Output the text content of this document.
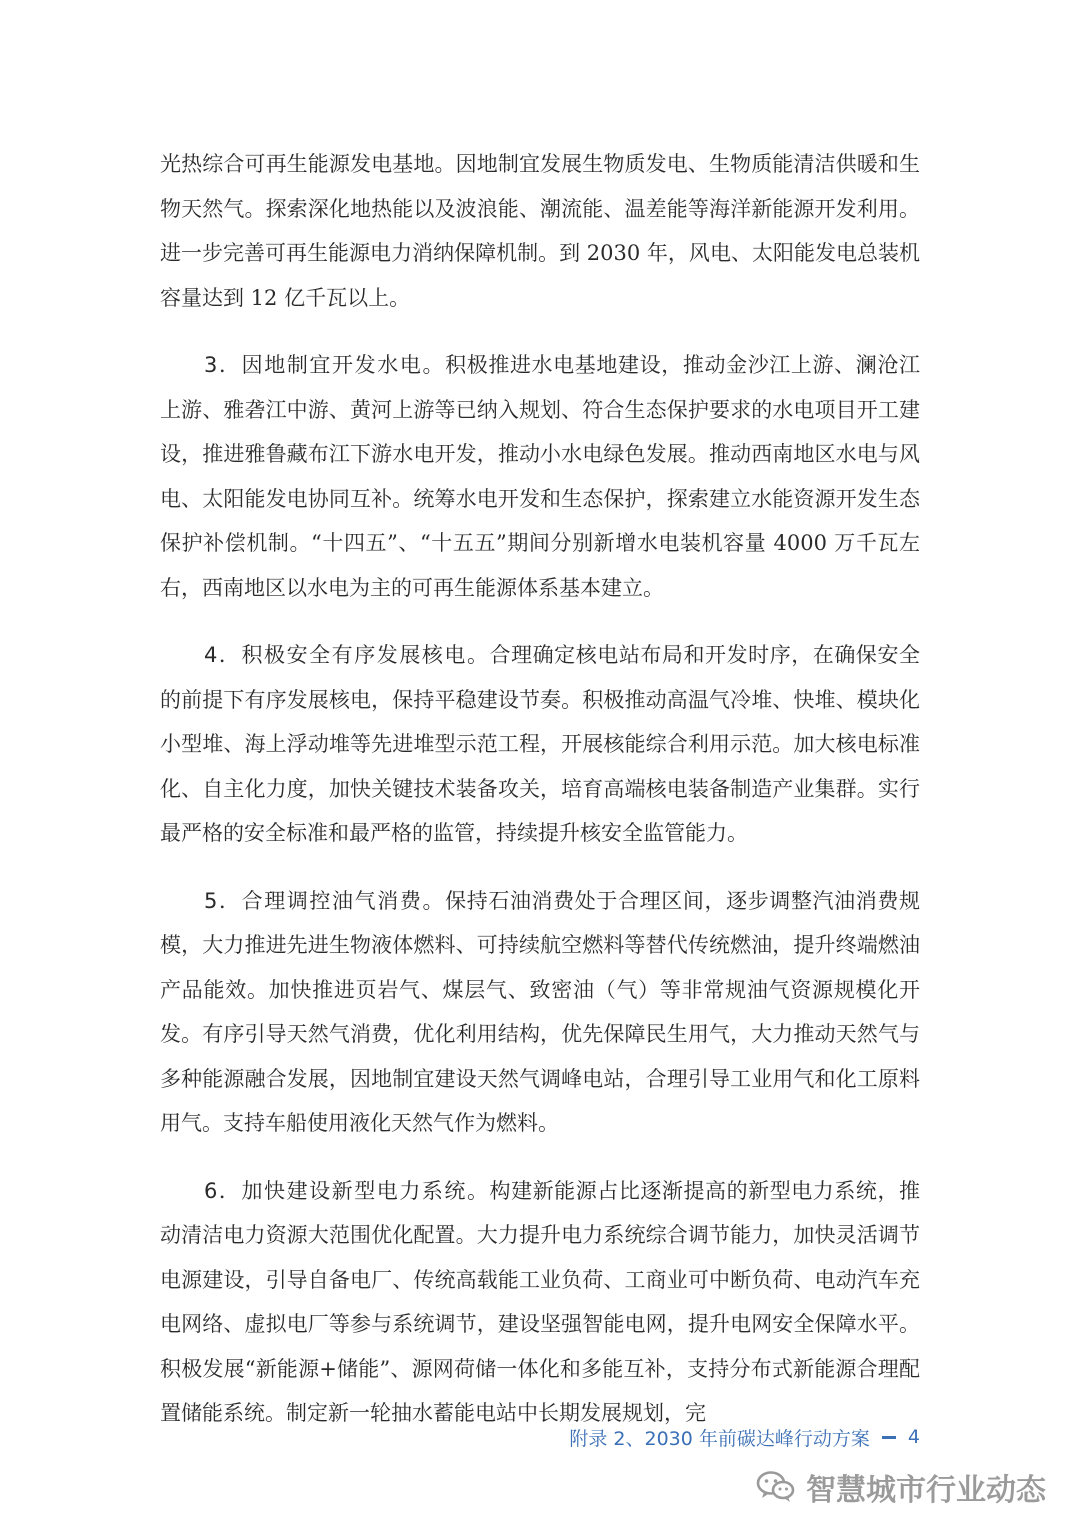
光热综合可再生能源发电基地。因地制宜发展生物质发电、生物质能清洁供暖和生物天然气。探索深化地热能以及波浪能、潮流能、温差能等海洋新能源开发利用。进一步完善可再生能源电力消纳保障机制。到 2030 年，风电、太阳能发电总装机容量达到 12 亿千瓦以上。

3．因地制宜开发水电。积极推进水电基地建设，推动金沙江上游、澜沧江上游、雅砻江中游、黄河上游等已纳入规划、符合生态保护要求的水电项目开工建设，推进雅鲁藏布江下游水电开发，推动小水电绿色发展。推动西南地区水电与风电、太阳能发电协同互补。统筹水电开发和生态保护，探索建立水能资源开发生态保护补偿机制。“十四五”、“十五五”期间分别新增水电装机容量 4000 万千瓦左右，西南地区以水电为主的可再生能源体系基本建立。

4．积极安全有序发展核电。合理确定核电站布局和开发时序，在确保安全的前提下有序发展核电，保持平稳建设节奏。积极推动高温气冷堆、快堆、模块化小型堆、海上浮动堆等先进堆型示范工程，开展核能综合利用示范。加大核电标准化、自主化力度，加快关键技术装备攻关，培育高端核电装备制造产业集群。实行最严格的安全标准和最严格的监管，持续提升核安全监管能力。

5．合理调控油气消费。保持石油消费处于合理区间，逐步调整汽油消费规模，大力推进先进生物液体燃料、可持续航空燃料等替代传统燃油，提升终端燃油产品能效。加快推进页岩气、煤层气、致密油（气）等非常规油气资源规模化开发。有序引导天然气消费，优化利用结构，优先保障民生用气，大力推动天然气与多种能源融合发展，因地制宜建设天然气调峰电站，合理引导工业用气和化工原料用气。支持车船使用液化天然气作为燃料。

6．加快建设新型电力系统。构建新能源占比逐渐提高的新型电力系统，推动清洁电力资源大范围优化配置。大力提升电力系统综合调节能力，加快灵活调节电源建设，引导自备电厂、传统高载能工业负荷、工商业可中断负荷、电动汽车充电网络、虚拟电厂等参与系统调节，建设坚强智能电网，提升电网安全保障水平。积极发展“新能源+储能”、源网荷储一体化和多能互补，支持分布式新能源合理配置储能系统。制定新一轮抽水蓄能电站中长期发展规划，完

附录 2、2030 年前碳达峰行动方案 4
智慧城市行业动态
